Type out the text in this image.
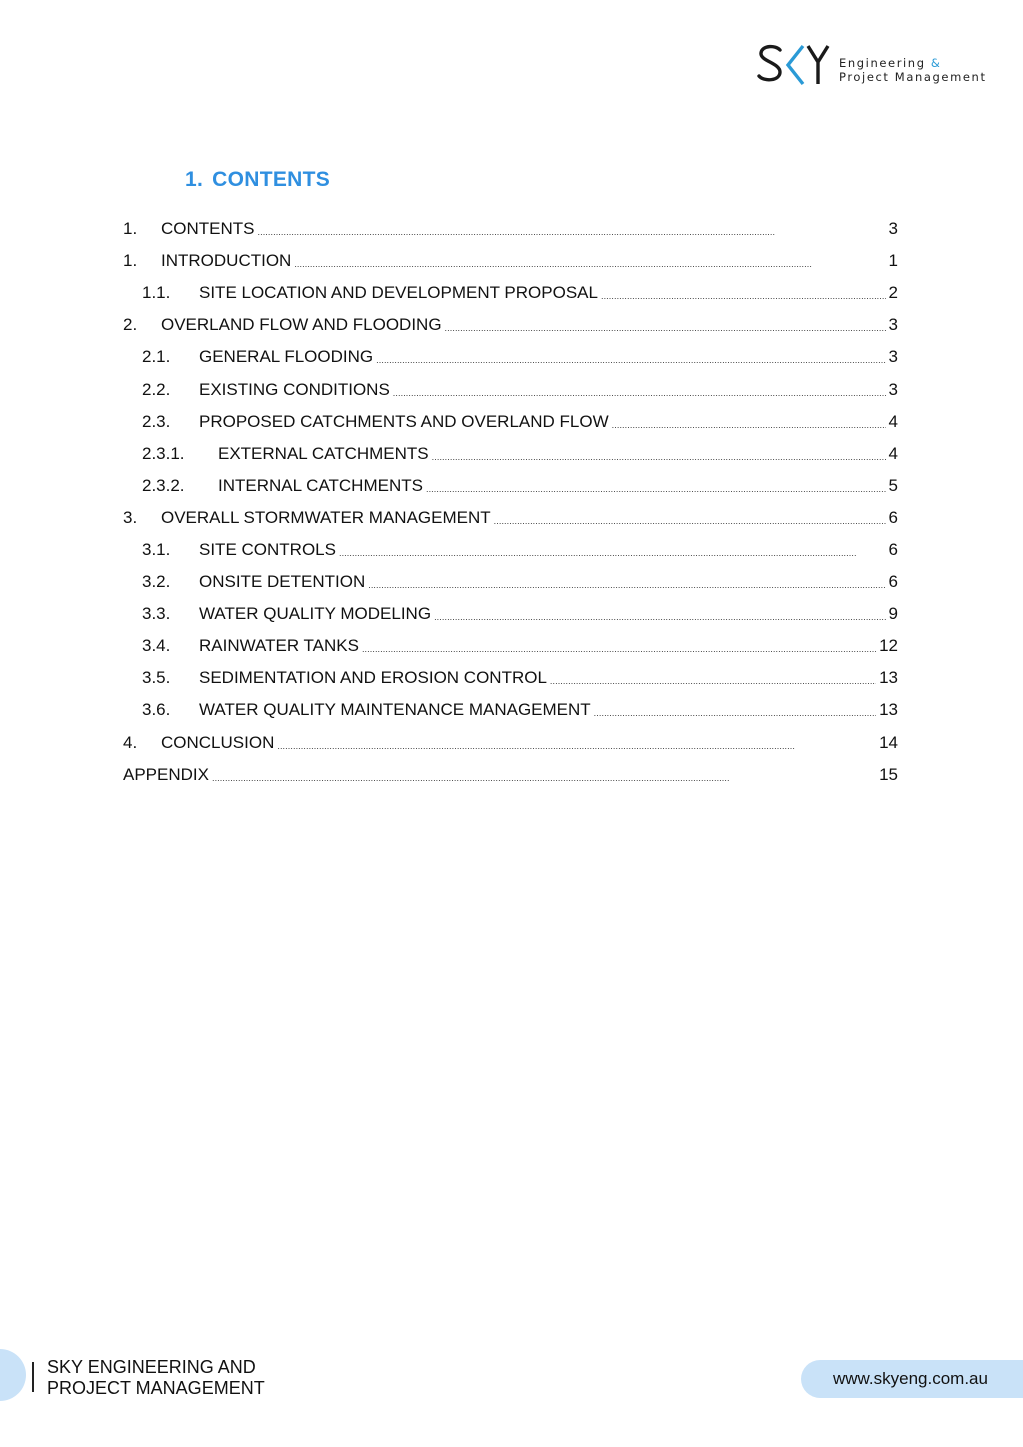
Engineering &
Project Management
1. CONTENTS
1.	CONTENTS . . .	3
1.	INTRODUCTION . . .	1
1.1.	SITE LOCATION AND DEVELOPMENT PROPOSAL . . .	2
2.	OVERLAND FLOW AND FLOODING . . .	3
2.1.	GENERAL FLOODING . . .	3
2.2.	EXISTING CONDITIONS . . .	3
2.3.	PROPOSED CATCHMENTS AND OVERLAND FLOW . . .	4
2.3.1.	EXTERNAL CATCHMENTS . . .	4
2.3.2.	INTERNAL CATCHMENTS . . .	5
3.	OVERALL STORMWATER MANAGEMENT . . .	6
3.1.	SITE CONTROLS . . .	6
3.2.	ONSITE DETENTION . . .	6
3.3.	WATER QUALITY MODELING . . .	9
3.4.	RAINWATER TANKS . . .	12
3.5.	SEDIMENTATION AND EROSION CONTROL . . .	13
3.6.	WATER QUALITY MAINTENANCE MANAGEMENT . . .	13
4.	CONCLUSION . . .	14
APPENDIX . . .	15
SKY ENGINEERING AND
PROJECT MANAGEMENT	www.skyeng.com.au
